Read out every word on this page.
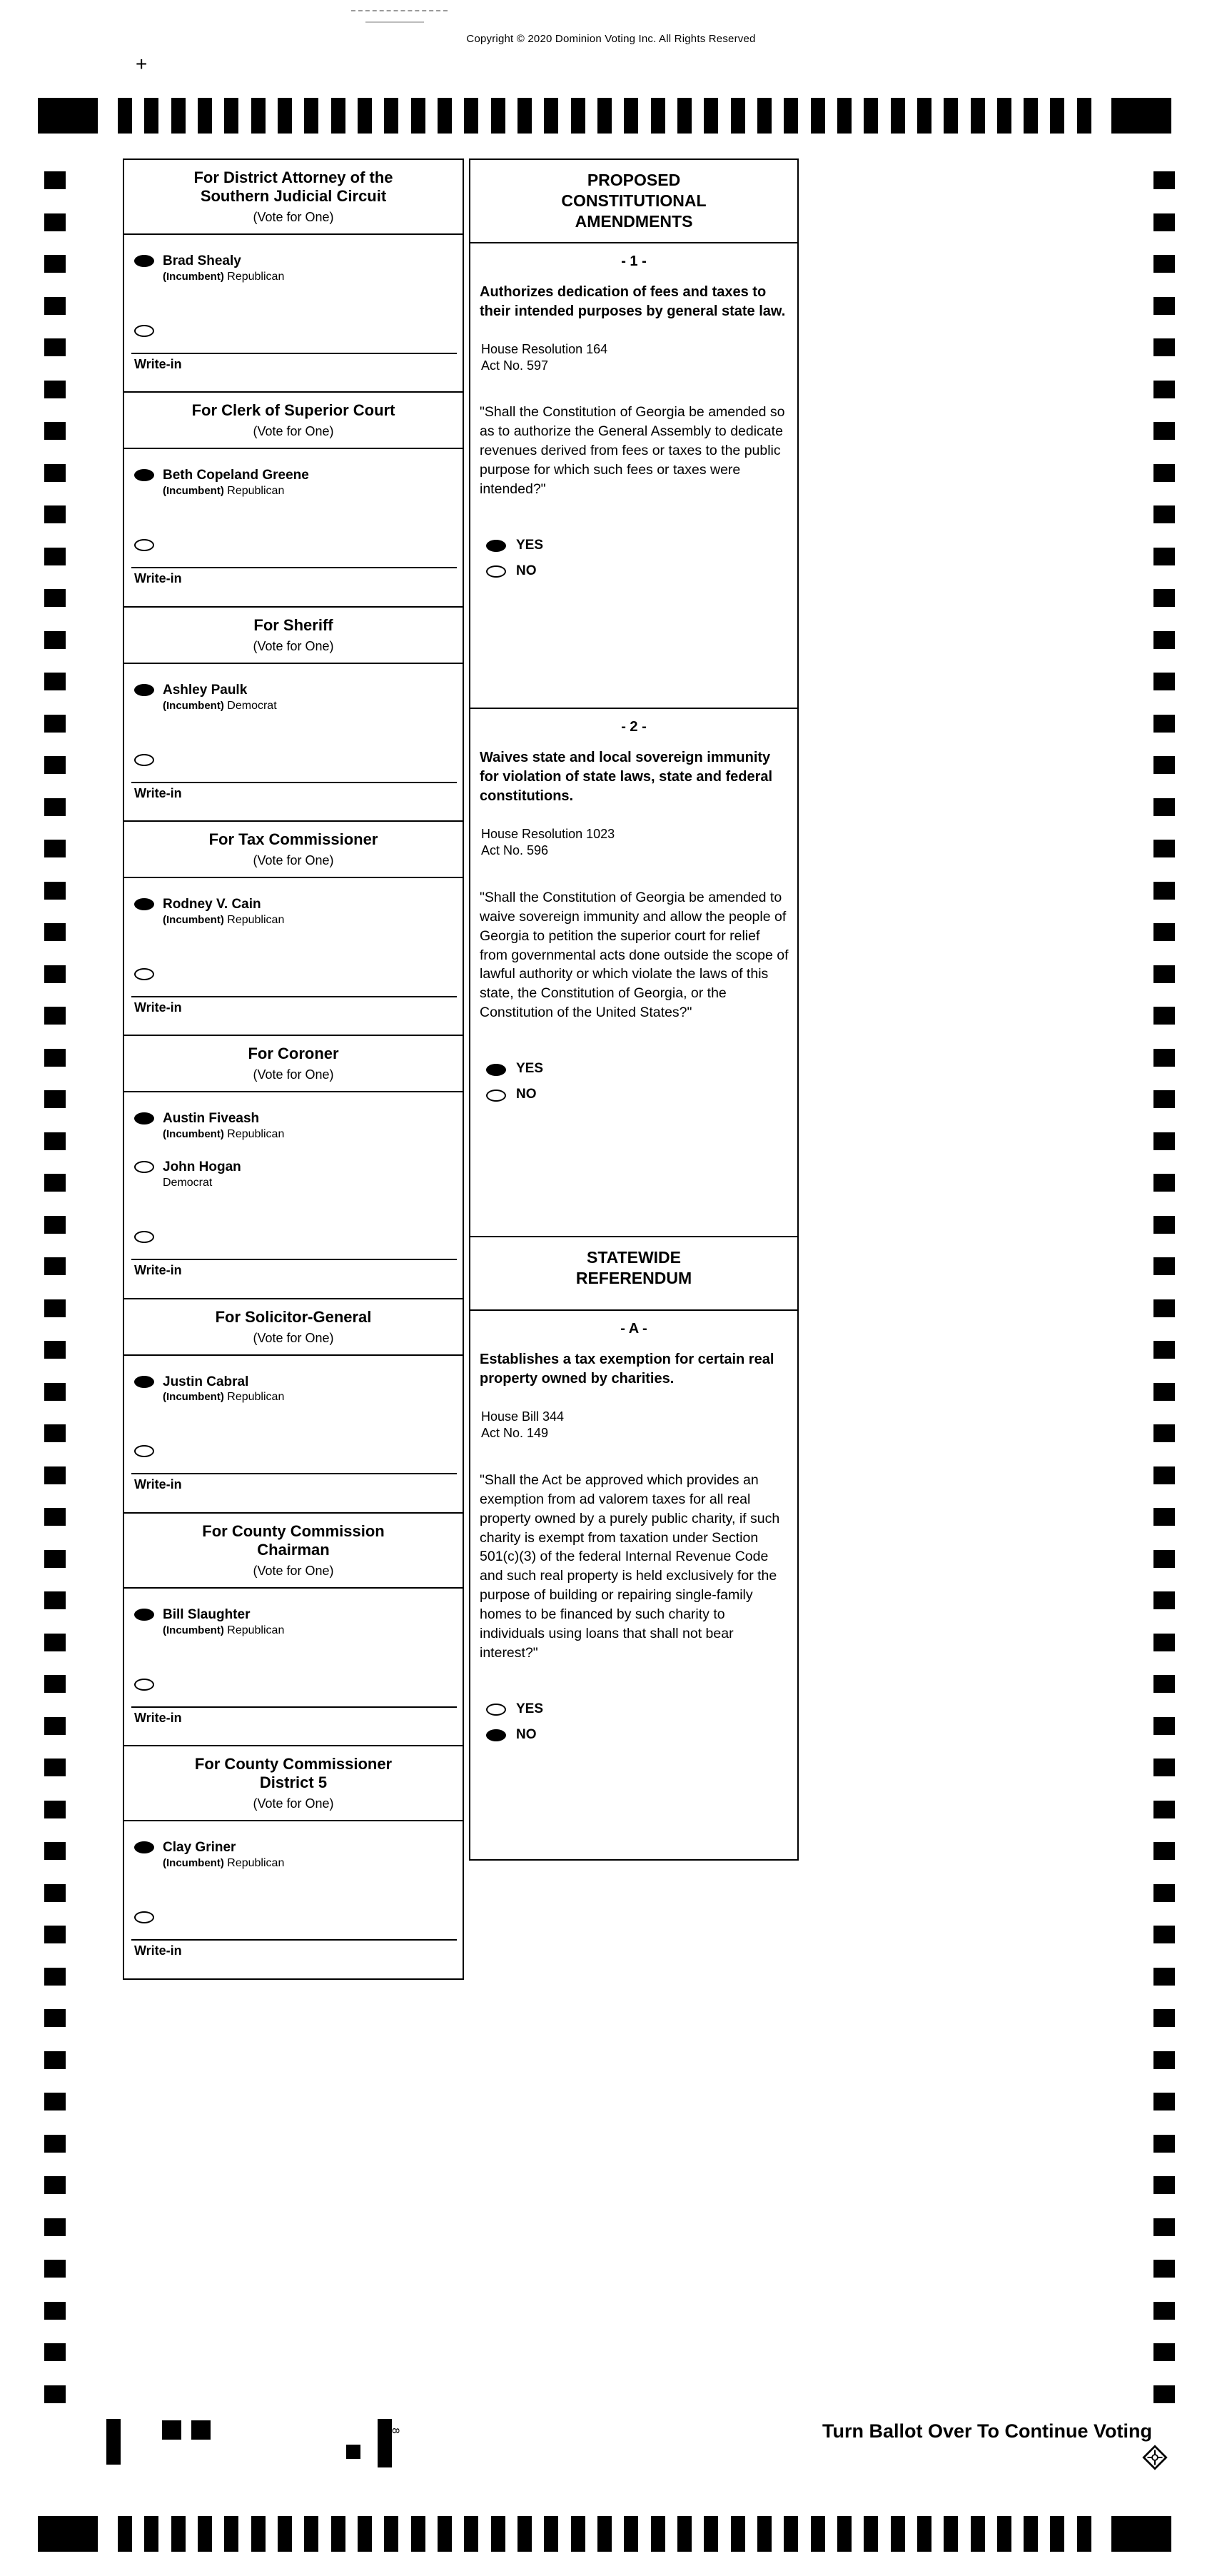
Copyright © 2020 Dominion Voting Inc. All Rights Reserved
+
For District Attorney of the
Southern Judicial Circuit
(Vote for One)
Brad Shealy
(Incumbent) Republican
Write-in
For Clerk of Superior Court
(Vote for One)
Beth Copeland Greene
(Incumbent) Republican
Write-in
For Sheriff
(Vote for One)
Ashley Paulk
(Incumbent) Democrat
Write-in
For Tax Commissioner
(Vote for One)
Rodney V. Cain
(Incumbent) Republican
Write-in
For Coroner
(Vote for One)
Austin Fiveash
(Incumbent) Republican
John Hogan
Democrat
Write-in
For Solicitor-General
(Vote for One)
Justin Cabral
(Incumbent) Republican
Write-in
For County Commission
Chairman
(Vote for One)
Bill Slaughter
(Incumbent) Republican
Write-in
For County Commissioner
District 5
(Vote for One)
Clay Griner
(Incumbent) Republican
Write-in
PROPOSED
CONSTITUTIONAL
AMENDMENTS
- 1 -
Authorizes dedication of fees and taxes to their intended purposes by general state law.
House Resolution 164
Act No. 597
"Shall the Constitution of Georgia be amended so as to authorize the General Assembly to dedicate revenues derived from fees or taxes to the public purpose for which such fees or taxes were intended?"
YES
NO
- 2 -
Waives state and local sovereign immunity for violation of state laws, state and federal constitutions.
House Resolution 1023
Act No. 596
"Shall the Constitution of Georgia be amended to waive sovereign immunity and allow the people of Georgia to petition the superior court for relief from governmental acts done outside the scope of lawful authority or which violate the laws of this state, the Constitution of Georgia, or the Constitution of the United States?"
YES
NO
STATEWIDE
REFERENDUM
- A -
Establishes a tax exemption for certain real property owned by charities.
House Bill 344
Act No. 149
"Shall the Act be approved which provides an exemption from ad valorem taxes for all real property owned by a purely public charity, if such charity is exempt from taxation under Section 501(c)(3) of the federal Internal Revenue Code and such real property is held exclusively for the purpose of building or repairing single-family homes to be financed by such charity to individuals using loans that shall not bear interest?"
YES
NO
8	Turn Ballot Over To Continue Voting
